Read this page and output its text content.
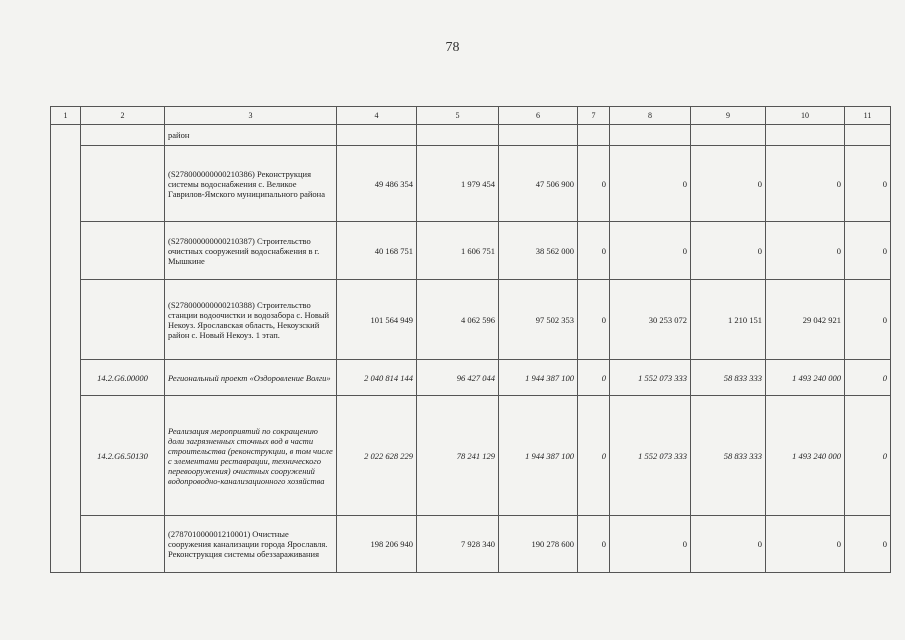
78
1	2	3	4	5	6	7	8	9	10	11
		район								
		(S278000000000210386) Реконструкция системы водоснабжения с. Великое Гаврилов-Ямского муниципального района	49 486 354	1 979 454	47 506 900	0	0	0	0	0
		(S278000000000210387) Строительство очистных сооружений водоснабжения в г. Мышкине	40 168 751	1 606 751	38 562 000	0	0	0	0	0
		(S278000000000210388) Строительство станции водоочистки и водозабора с. Новый Некоуз. Ярославская область, Некоузский район с. Новый Некоуз. 1 этап.	101 564 949	4 062 596	97 502 353	0	30 253 072	1 210 151	29 042 921	0
	14.2.G6.00000	Региональный проект «Оздоровление Волги»	2 040 814 144	96 427 044	1 944 387 100	0	1 552 073 333	58 833 333	1 493 240 000	0
	14.2.G6.50130	Реализация мероприятий по сокращению доли загрязненных сточных вод в части строительства (реконструкции, в том числе с элементами реставрации, технического перевооружения) очистных сооружений водопроводно-канализационного хозяйства	2 022 628 229	78 241 129	1 944 387 100	0	1 552 073 333	58 833 333	1 493 240 000	0
		(278701000001210001) Очистные сооружения канализации города Ярославля. Реконструкция системы обеззараживания	198 206 940	7 928 340	190 278 600	0	0	0	0	0
